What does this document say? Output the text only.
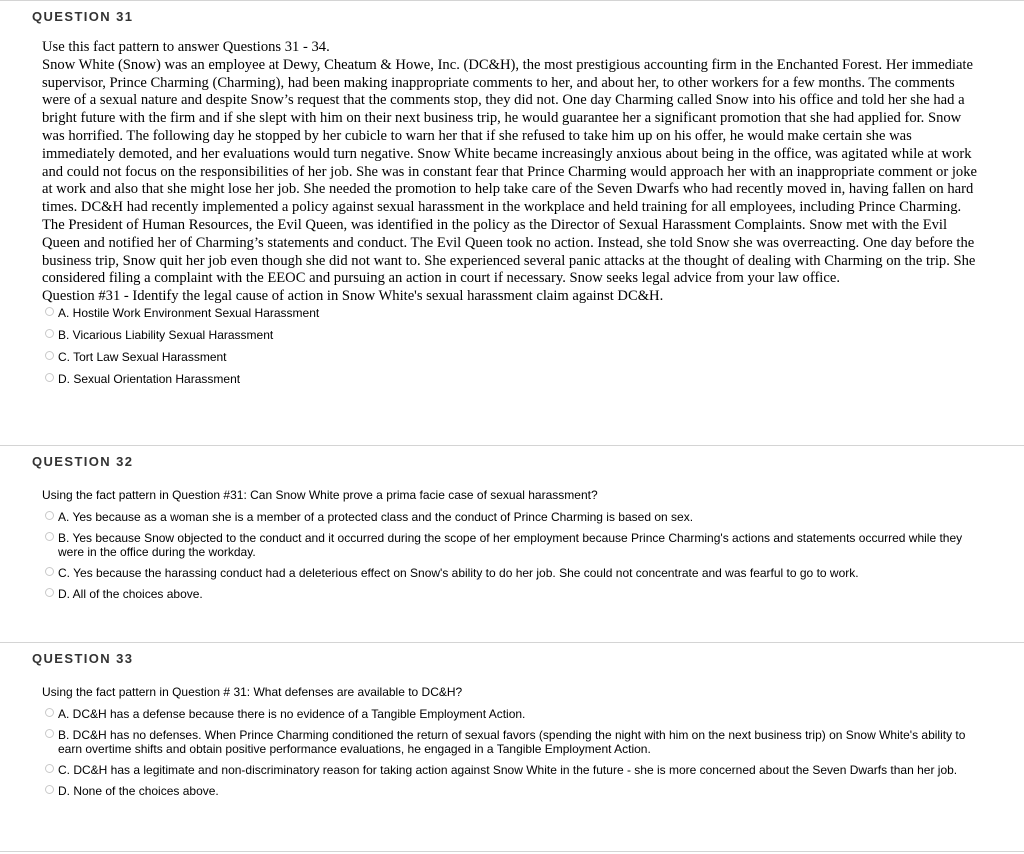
QUESTION 31

Use this fact pattern to answer Questions 31 - 34.

Snow White (Snow) was an employee at Dewy, Cheatum & Howe, Inc. (DC&H), the most prestigious accounting firm in the Enchanted Forest. Her immediate supervisor, Prince Charming (Charming), had been making inappropriate comments to her, and about her, to other workers for a few months. The comments were of a sexual nature and despite Snow’s request that the comments stop, they did not. One day Charming called Snow into his office and told her she had a bright future with the firm and if she slept with him on their next business trip, he would guarantee her a significant promotion that she had applied for. Snow was horrified. The following day he stopped by her cubicle to warn her that if she refused to take him up on his offer, he would make certain she was immediately demoted, and her evaluations would turn negative. Snow White became increasingly anxious about being in the office, was agitated while at work and could not focus on the responsibilities of her job. She was in constant fear that Prince Charming would approach her with an inappropriate comment or joke at work and also that she might lose her job. She needed the promotion to help take care of the Seven Dwarfs who had recently moved in, having fallen on hard times. DC&H had recently implemented a policy against sexual harassment in the workplace and held training for all employees, including Prince Charming. The President of Human Resources, the Evil Queen, was identified in the policy as the Director of Sexual Harassment Complaints. Snow met with the Evil Queen and notified her of Charming’s statements and conduct. The Evil Queen took no action. Instead, she told Snow she was overreacting. One day before the business trip, Snow quit her job even though she did not want to. She experienced several panic attacks at the thought of dealing with Charming on the trip. She considered filing a complaint with the EEOC and pursuing an action in court if necessary. Snow seeks legal advice from your law office.

Question #31 - Identify the legal cause of action in Snow White's sexual harassment claim against DC&H.

A. Hostile Work Environment Sexual Harassment
B. Vicarious Liability Sexual Harassment
C. Tort Law Sexual Harassment
D. Sexual Orientation Harassment
QUESTION 32

Using the fact pattern in Question #31: Can Snow White prove a prima facie case of sexual harassment?

A. Yes because as a woman she is a member of a protected class and the conduct of Prince Charming is based on sex.
B. Yes because Snow objected to the conduct and it occurred during the scope of her employment because Prince Charming's actions and statements occurred while they were in the office during the workday.
C. Yes because the harassing conduct had a deleterious effect on Snow's ability to do her job. She could not concentrate and was fearful to go to work.
D. All of the choices above.
QUESTION 33

Using the fact pattern in Question # 31: What defenses are available to DC&H?

A. DC&H has a defense because there is no evidence of a Tangible Employment Action.
B. DC&H has no defenses. When Prince Charming conditioned the return of sexual favors (spending the night with him on the next business trip) on Snow White's ability to earn overtime shifts and obtain positive performance evaluations, he engaged in a Tangible Employment Action.
C. DC&H has a legitimate and non-discriminatory reason for taking action against Snow White in the future - she is more concerned about the Seven Dwarfs than her job.
D. None of the choices above.
